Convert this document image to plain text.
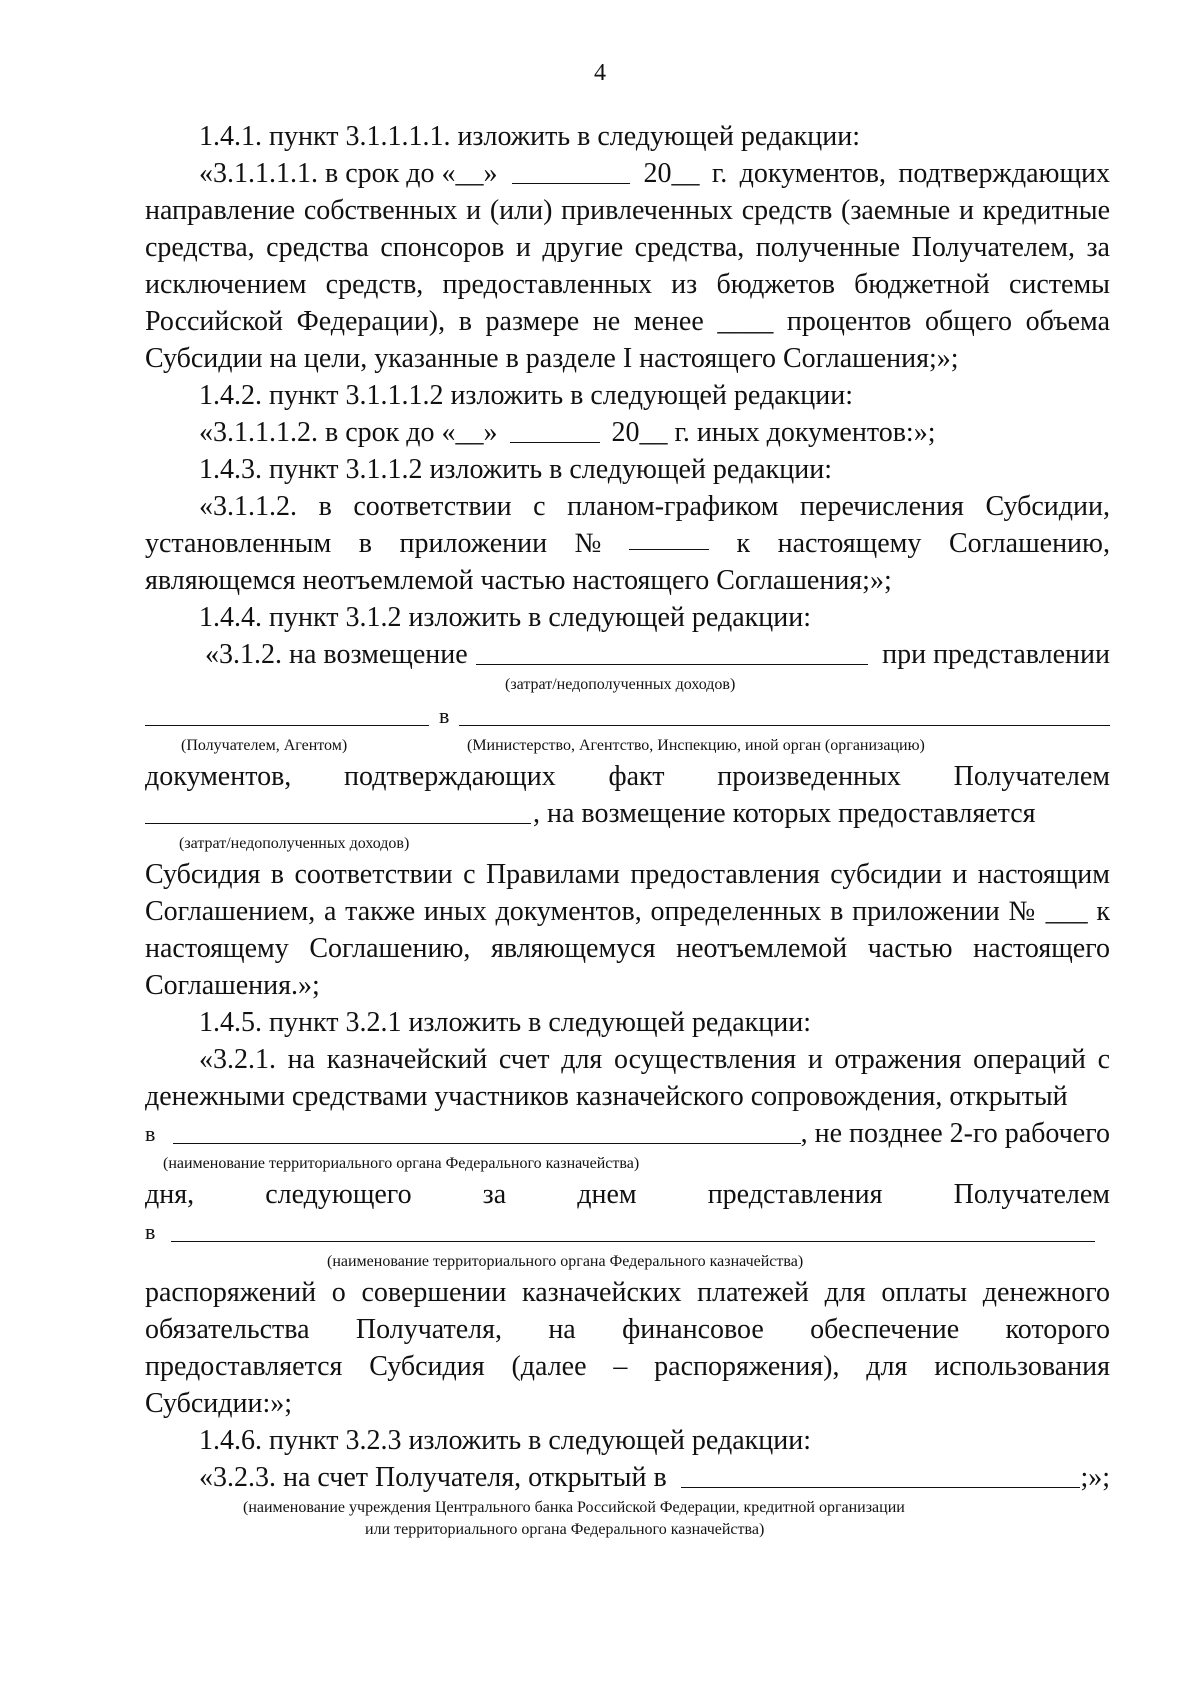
4

1.4.1. пункт 3.1.1.1.1. изложить в следующей редакции:

«3.1.1.1.1. в срок до «__»	20__ г. документов, подтверждающих

направление собственных и (или) привлеченных средств (заемные и кредитные средства, средства спонсоров и другие средства, полученные Получателем, за исключением средств, предоставленных из бюджетов бюджетной системы Российской Федерации), в размере не менее ____ процентов общего объема Субсидии на цели, указанные в разделе I настоящего Соглашения;»;

1.4.2. пункт 3.1.1.1.2 изложить в следующей редакции:

«3.1.1.1.2. в срок до «__»	20__ г. иных документов:»;

1.4.3. пункт 3.1.1.2 изложить в следующей редакции:

«3.1.1.2. в соответствии с планом-графиком перечисления Субсидии,

установленным в приложении №	к настоящему Соглашению,

являющемся неотъемлемой частью настоящего Соглашения;»;

1.4.4. пункт 3.1.2 изложить в следующей редакции:

«3.1.2. на возмещение	при представлении
(затрат/недополученных доходов)
в
(Получателем, Агентом)	(Министерство, Агентство, Инспекцию, иной орган (организацию)

документов, подтверждающих факт произведенных Получателем

, на возмещение которых предоставляется
(затрат/недополученных доходов)

Субсидия в соответствии с Правилами предоставления субсидии и настоящим Соглашением, а также иных документов, определенных в приложении № ___ к настоящему Соглашению, являющемуся неотъемлемой частью настоящего Соглашения.»;

1.4.5. пункт 3.2.1 изложить в следующей редакции:

«3.2.1. на казначейский счет для осуществления и отражения операций с денежными средствами участников казначейского сопровождения, открытый

в	, не позднее 2-го рабочего
(наименование территориального органа Федерального казначейства)

дня, следующего за днем представления Получателем

в
(наименование территориального органа Федерального казначейства)

распоряжений о совершении казначейских платежей для оплаты денежного обязательства Получателя, на финансовое обеспечение которого предоставляется Субсидия (далее – распоряжения), для использования Субсидии:»;

1.4.6. пункт 3.2.3 изложить в следующей редакции:

«3.2.3. на счет Получателя, открытый в	;»;
(наименование учреждения Центрального банка Российской Федерации, кредитной организации
или территориального органа Федерального казначейства)
